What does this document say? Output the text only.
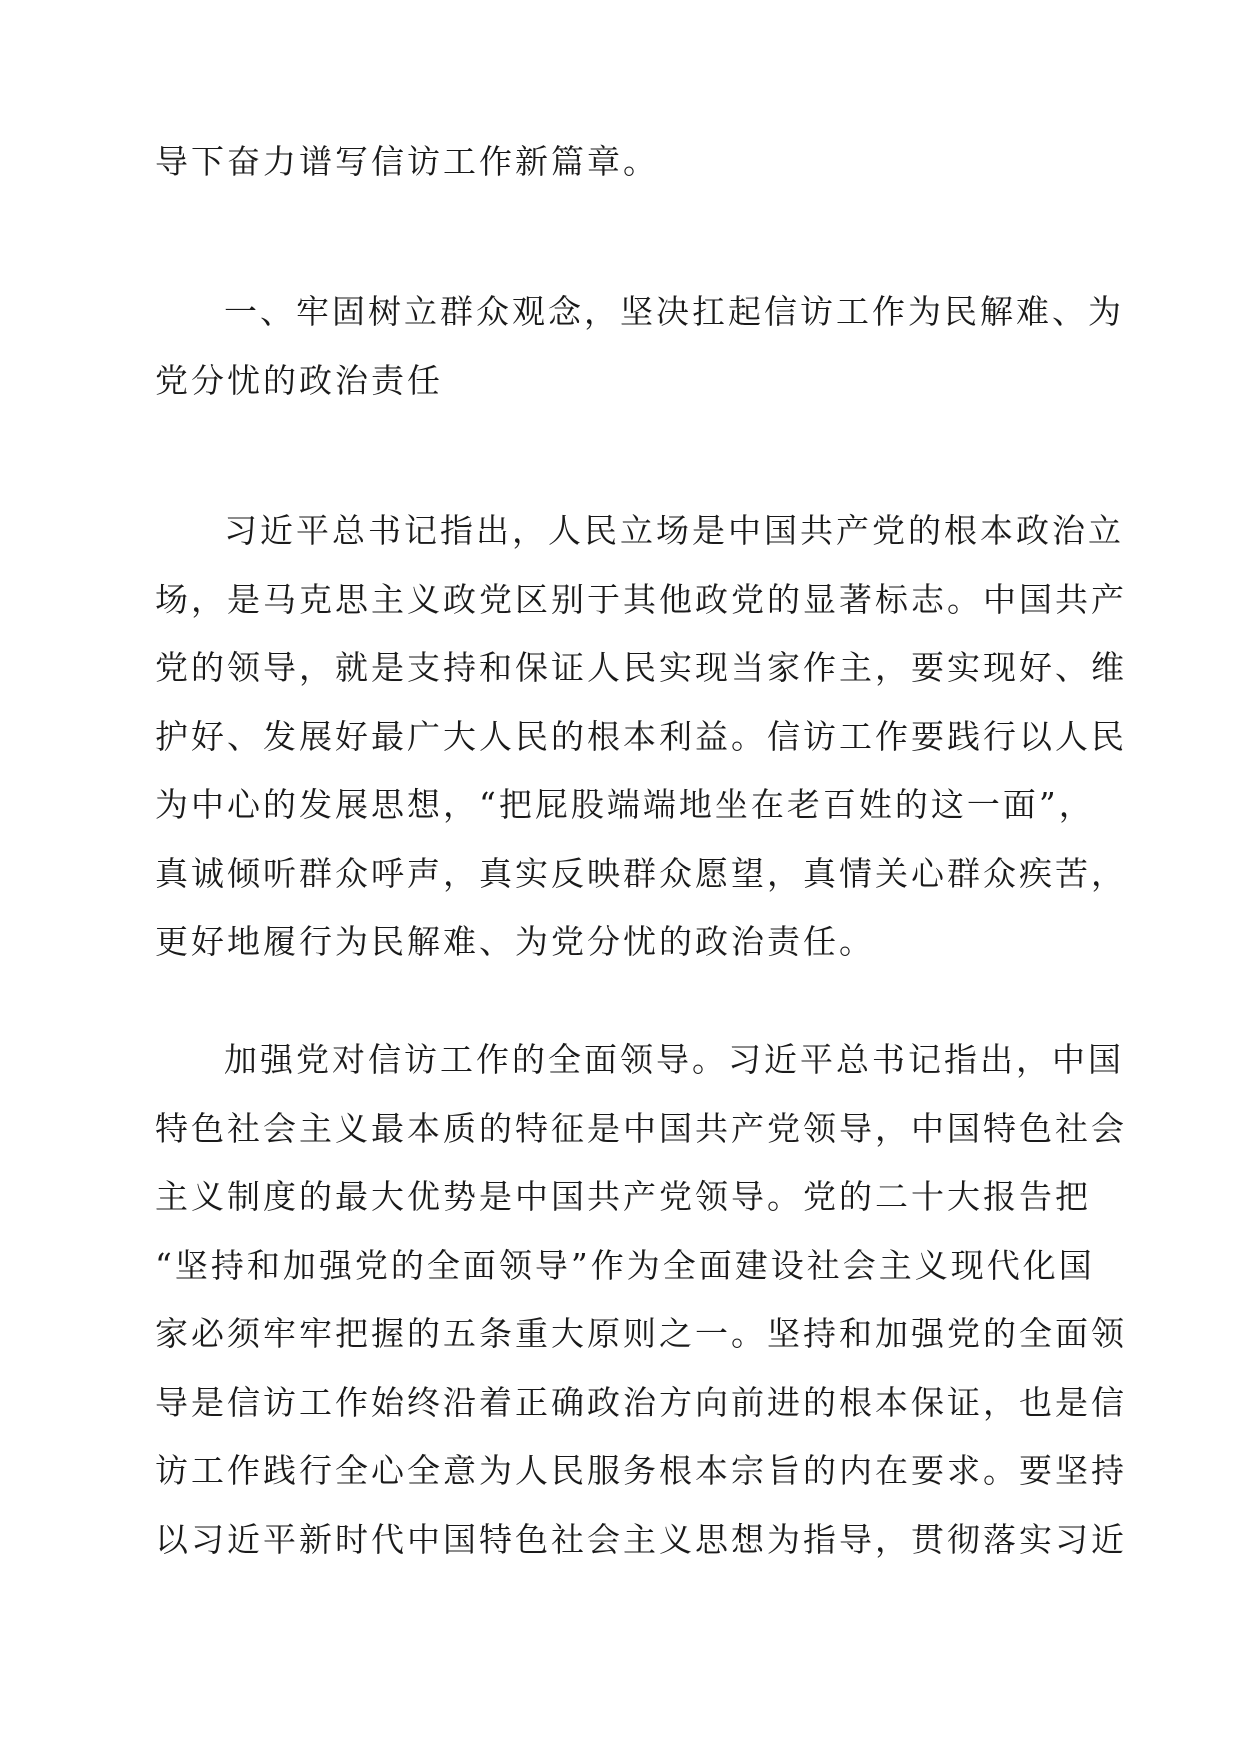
导下奋力谱写信访工作新篇章。
一、牢固树立群众观念，坚决扛起信访工作为民解难、为
党分忧的政治责任
习近平总书记指出，人民立场是中国共产党的根本政治立
场，是马克思主义政党区别于其他政党的显著标志。中国共产
党的领导，就是支持和保证人民实现当家作主，要实现好、维
护好、发展好最广大人民的根本利益。信访工作要践行以人民
为中心的发展思想，“把屁股端端地坐在老百姓的这一面”，
真诚倾听群众呼声，真实反映群众愿望，真情关心群众疾苦，
更好地履行为民解难、为党分忧的政治责任。
加强党对信访工作的全面领导。习近平总书记指出，中国
特色社会主义最本质的特征是中国共产党领导，中国特色社会
主义制度的最大优势是中国共产党领导。党的二十大报告把
“坚持和加强党的全面领导”作为全面建设社会主义现代化国
家必须牢牢把握的五条重大原则之一。坚持和加强党的全面领
导是信访工作始终沿着正确政治方向前进的根本保证，也是信
访工作践行全心全意为人民服务根本宗旨的内在要求。要坚持
以习近平新时代中国特色社会主义思想为指导，贯彻落实习近
